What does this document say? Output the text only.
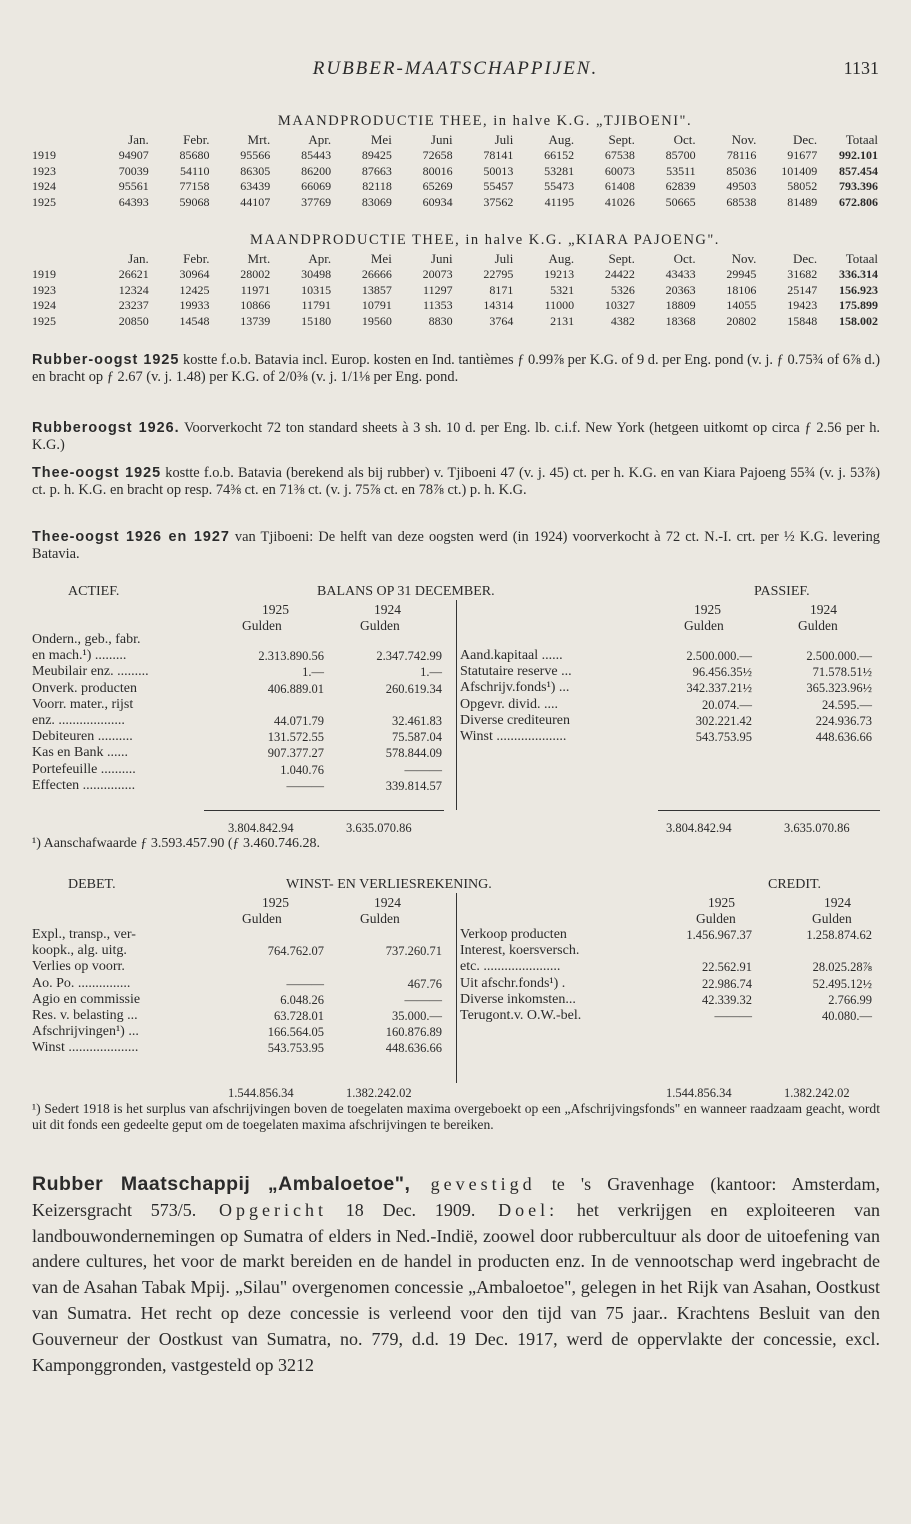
RUBBER-MAATSCHAPPIJEN.	1131
MAANDPRODUCTIE THEE, in halve K.G. „TJIBOENI".
	Jan.	Febr.	Mrt.	Apr.	Mei	Juni	Juli	Aug.	Sept.	Oct.	Nov.	Dec.	Totaal
1919	94907	85680	95566	85443	89425	72658	78141	66152	67538	85700	78116	91677	992.101
1923	70039	54110	86305	86200	87663	80016	50013	53281	60073	53511	85036	101409	857.454
1924	95561	77158	63439	66069	82118	65269	55457	55473	61408	62839	49503	58052	793.396
1925	64393	59068	44107	37769	83069	60934	37562	41195	41026	50665	68538	81489	672.806
MAANDPRODUCTIE THEE, in halve K.G. „KIARA PAJOENG".
	Jan.	Febr.	Mrt.	Apr.	Mei	Juni	Juli	Aug.	Sept.	Oct.	Nov.	Dec.	Totaal
1919	26621	30964	28002	30498	26666	20073	22795	19213	24422	43433	29945	31682	336.314
1923	12324	12425	11971	10315	13857	11297	8171	5321	5326	20363	18106	25147	156.923
1924	23237	19933	10866	11791	10791	11353	14314	11000	10327	18809	14055	19423	175.899
1925	20850	14548	13739	15180	19560	8830	3764	2131	4382	18368	20802	15848	158.002
Rubber-oogst 1925 kostte f.o.b. Batavia incl. Europ. kosten en Ind. tantièmes ƒ 0.99⅞ per K.G. of 9 d. per Eng. pond (v. j. ƒ 0.75¾ of 6⅞ d.) en bracht op ƒ 2.67 (v. j. 1.48) per K.G. of 2/0⅜ (v. j. 1/1⅛ per Eng. pond.
Rubberoogst 1926. Voorverkocht 72 ton standard sheets à 3 sh. 10 d. per Eng. lb. c.i.f. New York (hetgeen uitkomt op circa ƒ 2.56 per h. K.G.)
Thee-oogst 1925 kostte f.o.b. Batavia (berekend als bij rubber) v. Tjiboeni 47 (v. j. 45) ct. per h. K.G. en van Kiara Pajoeng 55¾ (v. j. 53⅞) ct. p. h. K.G. en bracht op resp. 74⅜ ct. en 71⅜ ct. (v. j. 75⅞ ct. en 78⅞ ct.) p. h. K.G.
Thee-oogst 1926 en 1927 van Tjiboeni: De helft van deze oogsten werd (in 1924) voorverkocht à 72 ct. N.-I. crt. per ½ K.G. levering Batavia.
ACTIEF.	BALANS OP 31 DECEMBER.	PASSIEF.
1925	1924	1925	1924
Gulden	Gulden	Gulden	Gulden
Ondern., geb., fabr.
en mach.¹) .........	2.313.890.56	2.347.742.99
Meubilair enz. .........	1.—	1.—
Onverk. producten	406.889.01	260.619.34
Voorr. mater., rijst
enz. ...................	44.071.79	32.461.83
Debiteuren ..........	131.572.55	75.587.04
Kas en Bank ......	907.377.27	578.844.09
Portefeuille ..........	1.040.76	———
Effecten ...............	———	339.814.57
Aand.kapitaal ......	2.500.000.—	2.500.000.—
Statutaire reserve ...	96.456.35½	71.578.51½
Afschrijv.fonds¹) ...	342.337.21½	365.323.96½
Opgevr. divid. ....	20.074.—	24.595.—
Diverse crediteuren	302.221.42	224.936.73
Winst ....................	543.753.95	448.636.66
3.804.842.94	3.635.070.86	3.804.842.94	3.635.070.86
¹) Aanschafwaarde ƒ 3.593.457.90 (ƒ 3.460.746.28.
DEBET.	WINST- EN VERLIESREKENING.	CREDIT.
1925	1924	1925	1924
Gulden	Gulden	Gulden	Gulden
Expl., transp., ver-
koopk., alg. uitg.	764.762.07	737.260.71
Verlies op voorr.
Ao. Po. ...............	———	467.76
Agio en commissie	6.048.26	———
Res. v. belasting ...	63.728.01	35.000.—
Afschrijvingen¹) ...	166.564.05	160.876.89
Winst ....................	543.753.95	448.636.66
Verkoop producten	1.456.967.37	1.258.874.62
Interest, koersversch.
etc. ......................	22.562.91	28.025.28⅞
Uit afschr.fonds¹) .	22.986.74	52.495.12½
Diverse inkomsten...	42.339.32	2.766.99
Terugont.v. O.W.-bel.	———	40.080.—
1.544.856.34	1.382.242.02	1.544.856.34	1.382.242.02
¹) Sedert 1918 is het surplus van afschrijvingen boven de toegelaten maxima overgeboekt op een „Afschrijvingsfonds" en wanneer raadzaam geacht, wordt uit dit fonds een gedeelte geput om de toegelaten maxima afschrijvingen te bereiken.
Rubber Maatschappij „Ambaloetoe", gevestigd te 's Gravenhage (kantoor: Amsterdam, Keizersgracht 573/5. Opgericht 18 Dec. 1909. Doel: het verkrijgen en exploiteeren van landbouwondernemingen op Sumatra of elders in Ned.-Indië, zoowel door rubbercultuur als door de uitoefening van andere cultures, het voor de markt bereiden en de handel in producten enz. In de vennootschap werd ingebracht de van de Asahan Tabak Mpij. „Silau" overgenomen concessie „Ambaloetoe", gelegen in het Rijk van Asahan, Oostkust van Sumatra. Het recht op deze concessie is verleend voor den tijd van 75 jaar.. Krachtens Besluit van den Gouverneur der Oostkust van Sumatra, no. 779, d.d. 19 Dec. 1917, werd de oppervlakte der concessie, excl. Kamponggronden, vastgesteld op 3212
